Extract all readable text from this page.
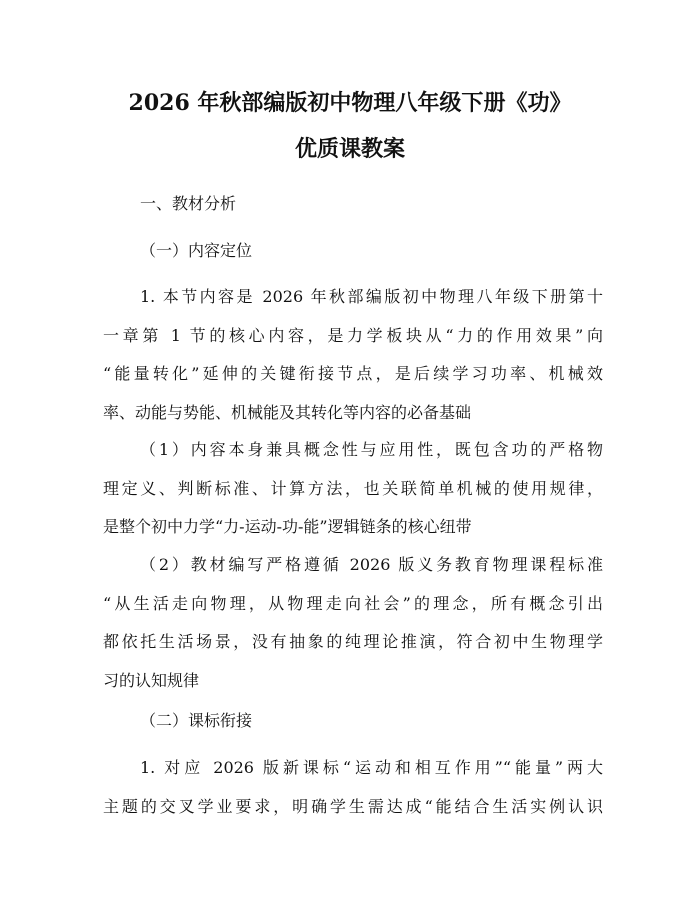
2026 年秋部编版初中物理八年级下册《功》
优质课教案
一、教材分析
（一）内容定位
1. 本节内容是 2026 年秋部编版初中物理八年级下册第十
一章第 1 节的核心内容，是力学板块从“力的作用效果”向
“能量转化”延伸的关键衔接节点，是后续学习功率、机械效
率、动能与势能、机械能及其转化等内容的必备基础
（1）内容本身兼具概念性与应用性，既包含功的严格物
理定义、判断标准、计算方法，也关联简单机械的使用规律，
是整个初中力学“力-运动-功-能”逻辑链条的核心纽带
（2）教材编写严格遵循 2026 版义务教育物理课程标准
“从生活走向物理，从物理走向社会”的理念，所有概念引出
都依托生活场景，没有抽象的纯理论推演，符合初中生物理学
习的认知规律
（二）课标衔接
1. 对应 2026 版新课标“运动和相互作用”“能量”两大
主题的交叉学业要求，明确学生需达成“能结合生活实例认识
